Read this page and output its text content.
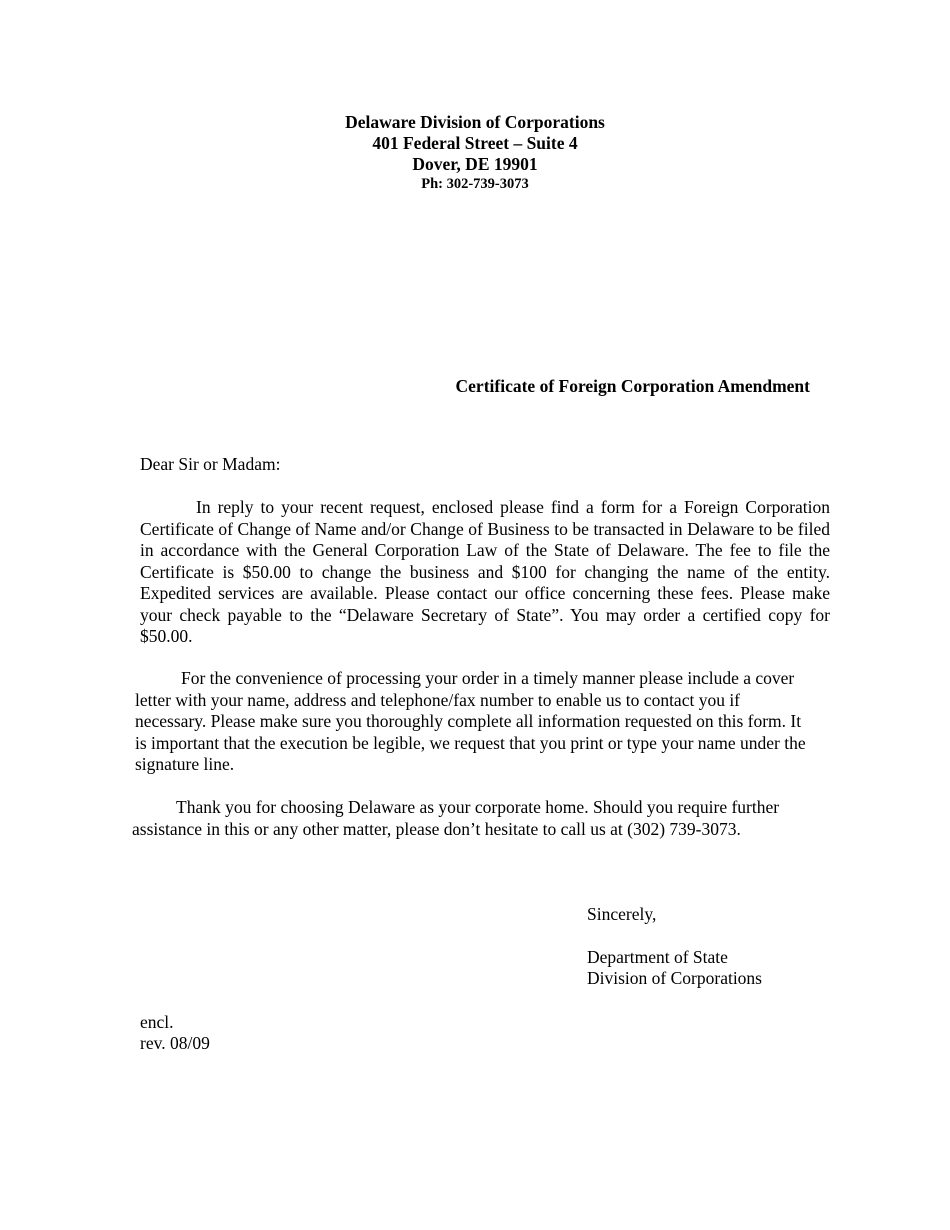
Delaware Division of Corporations
401 Federal Street – Suite 4
Dover, DE 19901
Ph: 302-739-3073
Certificate of Foreign Corporation Amendment
Dear Sir or Madam:
In reply to your recent request, enclosed please find a form for a Foreign Corporation Certificate of Change of Name and/or Change of Business to be transacted in Delaware to be filed in accordance with the General Corporation Law of the State of Delaware. The fee to file the Certificate is $50.00 to change the business and $100 for changing the name of the entity. Expedited services are available. Please contact our office concerning these fees. Please make your check payable to the “Delaware Secretary of State”. You may order a certified copy for $50.00.
For the convenience of processing your order in a timely manner please include a cover letter with your name, address and telephone/fax number to enable us to contact you if necessary. Please make sure you thoroughly complete all information requested on this form. It is important that the execution be legible, we request that you print or type your name under the signature line.
Thank you for choosing Delaware as your corporate home. Should you require further assistance in this or any other matter, please don’t hesitate to call us at (302) 739-3073.
Sincerely,
Department of State
Division of Corporations
encl.
rev. 08/09
